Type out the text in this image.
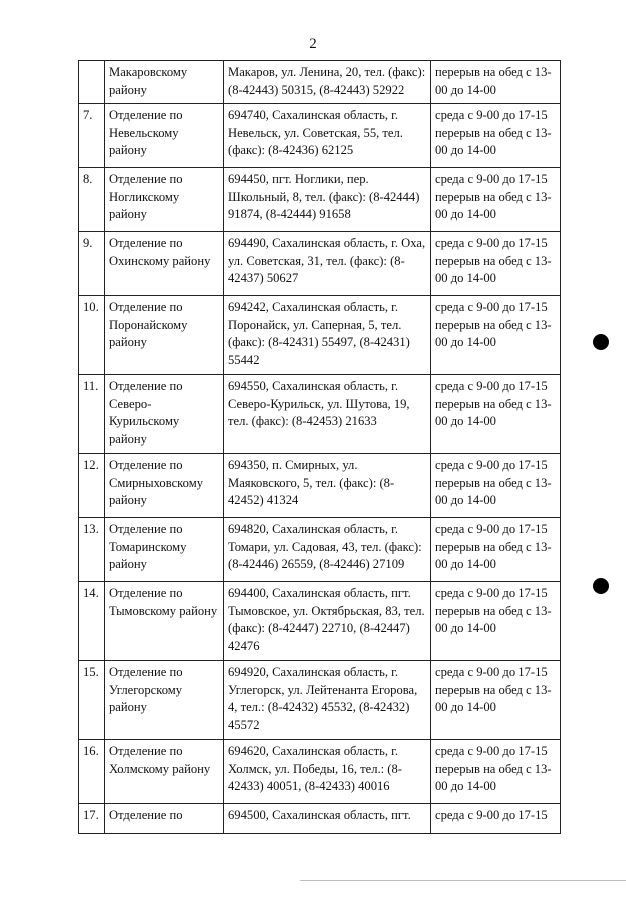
2
	Макаровскому району	Макаров, ул. Ленина, 20, тел. (факс): (8-42443) 50315, (8-42443) 52922	перерыв на обед с 13-00 до 14-00
7.	Отделение по Невельскому району	694740, Сахалинская область, г. Невельск, ул. Советская, 55, тел. (факс): (8-42436) 62125	среда с 9-00 до 17-15 перерыв на обед с 13-00 до 14-00
8.	Отделение по Ногликскому району	694450, пгт. Ноглики, пер. Школьный, 8, тел. (факс): (8-42444) 91874, (8-42444) 91658	среда с 9-00 до 17-15 перерыв на обед с 13-00 до 14-00
9.	Отделение по Охинскому району	694490, Сахалинская область, г. Оха, ул. Советская, 31, тел. (факс): (8-42437) 50627	среда с 9-00 до 17-15 перерыв на обед с 13-00 до 14-00
10.	Отделение по Поронайскому району	694242, Сахалинская область, г. Поронайск, ул. Саперная, 5, тел. (факс): (8-42431) 55497, (8-42431) 55442	среда с 9-00 до 17-15 перерыв на обед с 13-00 до 14-00
11.	Отделение по Северо-Курильскому району	694550, Сахалинская область, г. Северо-Курильск, ул. Шутова, 19, тел. (факс): (8-42453) 21633	среда с 9-00 до 17-15 перерыв на обед с 13-00 до 14-00
12.	Отделение по Смирныховскому району	694350, п. Смирных, ул. Маяковского, 5, тел. (факс): (8-42452) 41324	среда с 9-00 до 17-15 перерыв на обед с 13-00 до 14-00
13.	Отделение по Томаринскому району	694820, Сахалинская область, г. Томари, ул. Садовая, 43, тел. (факс): (8-42446) 26559, (8-42446) 27109	среда с 9-00 до 17-15 перерыв на обед с 13-00 до 14-00
14.	Отделение по Тымовскому району	694400, Сахалинская область, пгт. Тымовское, ул. Октябрьская, 83, тел. (факс): (8-42447) 22710, (8-42447) 42476	среда с 9-00 до 17-15 перерыв на обед с 13-00 до 14-00
15.	Отделение по Углегорскому району	694920, Сахалинская область, г. Углегорск, ул. Лейтенанта Егорова, 4, тел.: (8-42432) 45532, (8-42432) 45572	среда с 9-00 до 17-15 перерыв на обед с 13-00 до 14-00
16.	Отделение по Холмскому району	694620, Сахалинская область, г. Холмск, ул. Победы, 16, тел.: (8-42433) 40051, (8-42433) 40016	среда с 9-00 до 17-15 перерыв на обед с 13-00 до 14-00
17.	Отделение по	694500, Сахалинская область, пгт.	среда с 9-00 до 17-15
